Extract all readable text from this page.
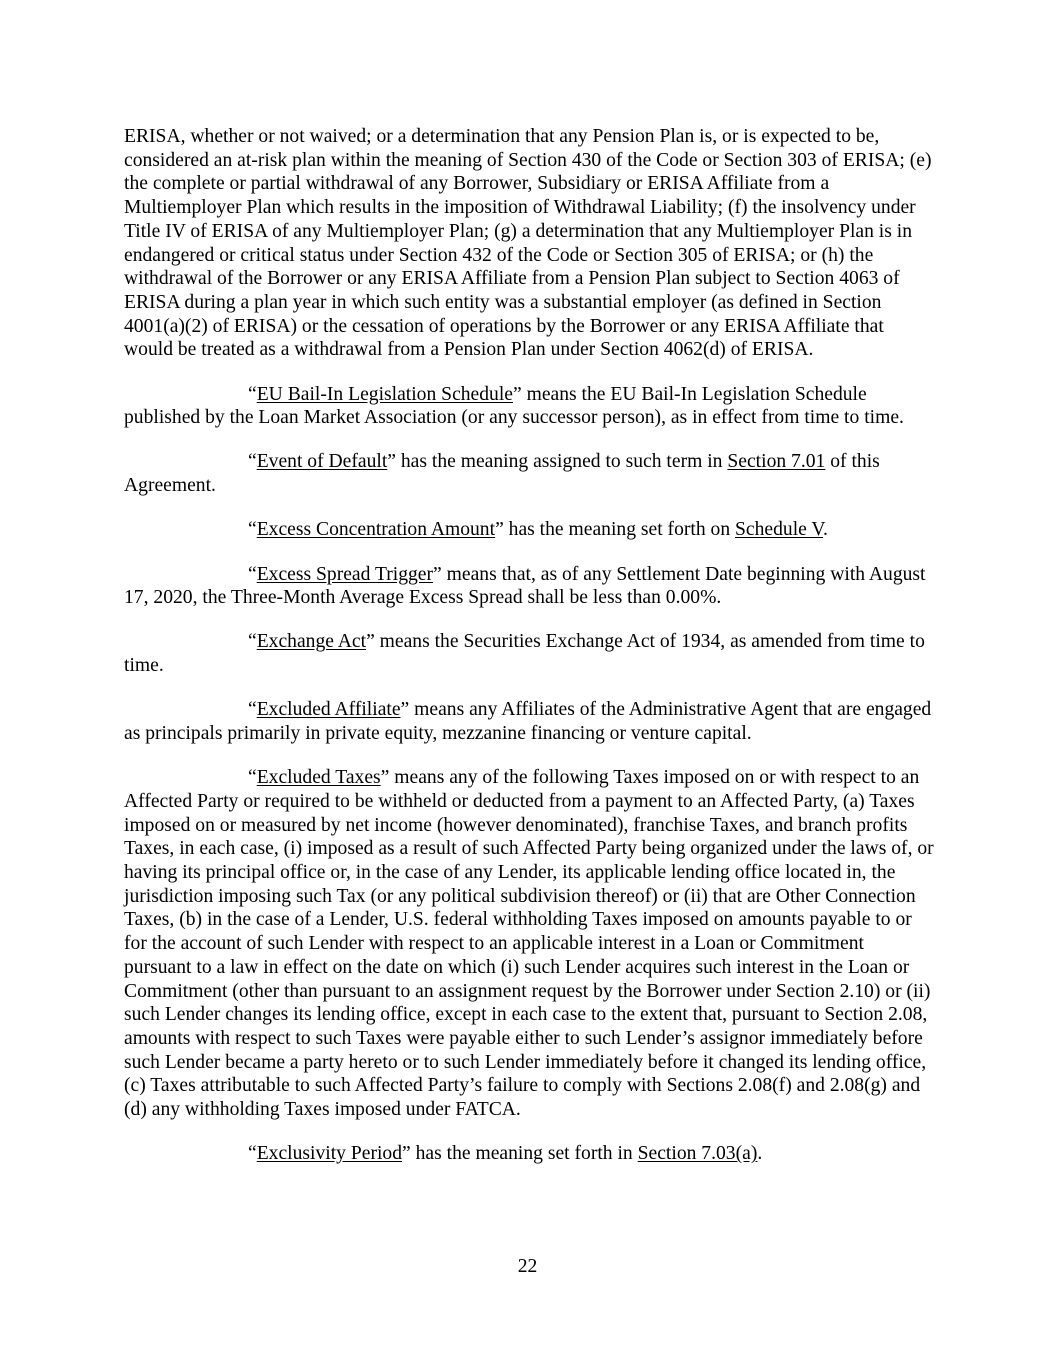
ERISA, whether or not waived; or a determination that any Pension Plan is, or is expected to be, considered an at-risk plan within the meaning of Section 430 of the Code or Section 303 of ERISA; (e) the complete or partial withdrawal of any Borrower, Subsidiary or ERISA Affiliate from a Multiemployer Plan which results in the imposition of Withdrawal Liability; (f) the insolvency under Title IV of ERISA of any Multiemployer Plan; (g) a determination that any Multiemployer Plan is in endangered or critical status under Section 432 of the Code or Section 305 of ERISA; or (h) the withdrawal of the Borrower or any ERISA Affiliate from a Pension Plan subject to Section 4063 of ERISA during a plan year in which such entity was a substantial employer (as defined in Section 4001(a)(2) of ERISA) or the cessation of operations by the Borrower or any ERISA Affiliate that would be treated as a withdrawal from a Pension Plan under Section 4062(d) of ERISA.

“EU Bail-In Legislation Schedule” means the EU Bail-In Legislation Schedule published by the Loan Market Association (or any successor person), as in effect from time to time.

“Event of Default” has the meaning assigned to such term in Section 7.01 of this Agreement.

“Excess Concentration Amount” has the meaning set forth on Schedule V.

“Excess Spread Trigger” means that, as of any Settlement Date beginning with August 17, 2020, the Three-Month Average Excess Spread shall be less than 0.00%.

“Exchange Act” means the Securities Exchange Act of 1934, as amended from time to time.

“Excluded Affiliate” means any Affiliates of the Administrative Agent that are engaged as principals primarily in private equity, mezzanine financing or venture capital.

“Excluded Taxes” means any of the following Taxes imposed on or with respect to an Affected Party or required to be withheld or deducted from a payment to an Affected Party, (a) Taxes imposed on or measured by net income (however denominated), franchise Taxes, and branch profits Taxes, in each case, (i) imposed as a result of such Affected Party being organized under the laws of, or having its principal office or, in the case of any Lender, its applicable lending office located in, the jurisdiction imposing such Tax (or any political subdivision thereof) or (ii) that are Other Connection Taxes, (b) in the case of a Lender, U.S. federal withholding Taxes imposed on amounts payable to or for the account of such Lender with respect to an applicable interest in a Loan or Commitment pursuant to a law in effect on the date on which (i) such Lender acquires such interest in the Loan or Commitment (other than pursuant to an assignment request by the Borrower under Section 2.10) or (ii) such Lender changes its lending office, except in each case to the extent that, pursuant to Section 2.08, amounts with respect to such Taxes were payable either to such Lender’s assignor immediately before such Lender became a party hereto or to such Lender immediately before it changed its lending office, (c) Taxes attributable to such Affected Party’s failure to comply with Sections 2.08(f) and 2.08(g) and (d) any withholding Taxes imposed under FATCA.

“Exclusivity Period” has the meaning set forth in Section 7.03(a).

22
